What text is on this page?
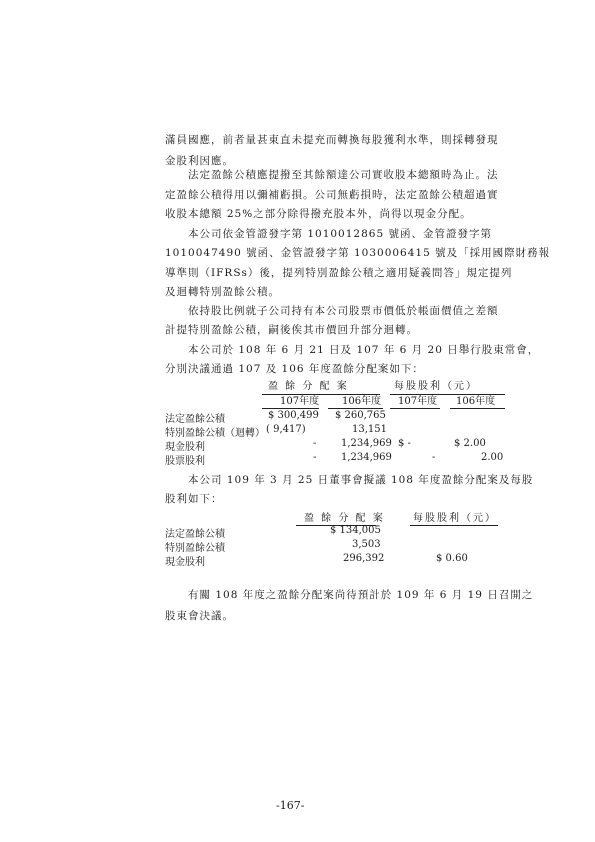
滿員國應，前者量甚東直未提充而轉換每股獲利水準，則採轉發現
金股利因應。
法定盈餘公積應提撥至其餘額達公司實收股本總額時為止。法
定盈餘公積得用以彌補虧損。公司無虧損時，法定盈餘公積超過實
收股本總額 25%之部分除得撥充股本外，尚得以現金分配。
本公司依金管證發字第 1010012865 號函、金管證發字第
1010047490 號函、金管證發字第 1030006415 號及「採用國際財務報
導準則（IFRSs）後，提列特別盈餘公積之適用疑義問答」規定提列
及迴轉特別盈餘公積。
依持股比例就子公司持有本公司股票市價低於帳面價值之差額
計提特別盈餘公積，嗣後俟其市價回升部分迴轉。
本公司於 108 年 6 月 21 日及 107 年 6 月 20 日舉行股東常會，
分別決議通過 107 及 106 年度盈餘分配案如下：
盈 餘 分 配 案	每股股利（元）
107年度 106年度 107年度 106年度
法定盈餘公積	$ 300,499 $ 260,765
特別盈餘公積（迴轉） ( 9,417)	13,151
現金股利	- 1,234,969 $ -	$ 2.00
股票股利	- 1,234,969	-	2.00
本公司 109 年 3 月 25 日董事會擬議 108 年度盈餘分配案及每股
股利如下：
盈 餘 分 配 案	每股股利（元）
法定盈餘公積	$ 134,005
特別盈餘公積	3,503
現金股利	296,392	$ 0.60
有關 108 年度之盈餘分配案尚待預計於 109 年 6 月 19 日召開之
股東會決議。
-167-
